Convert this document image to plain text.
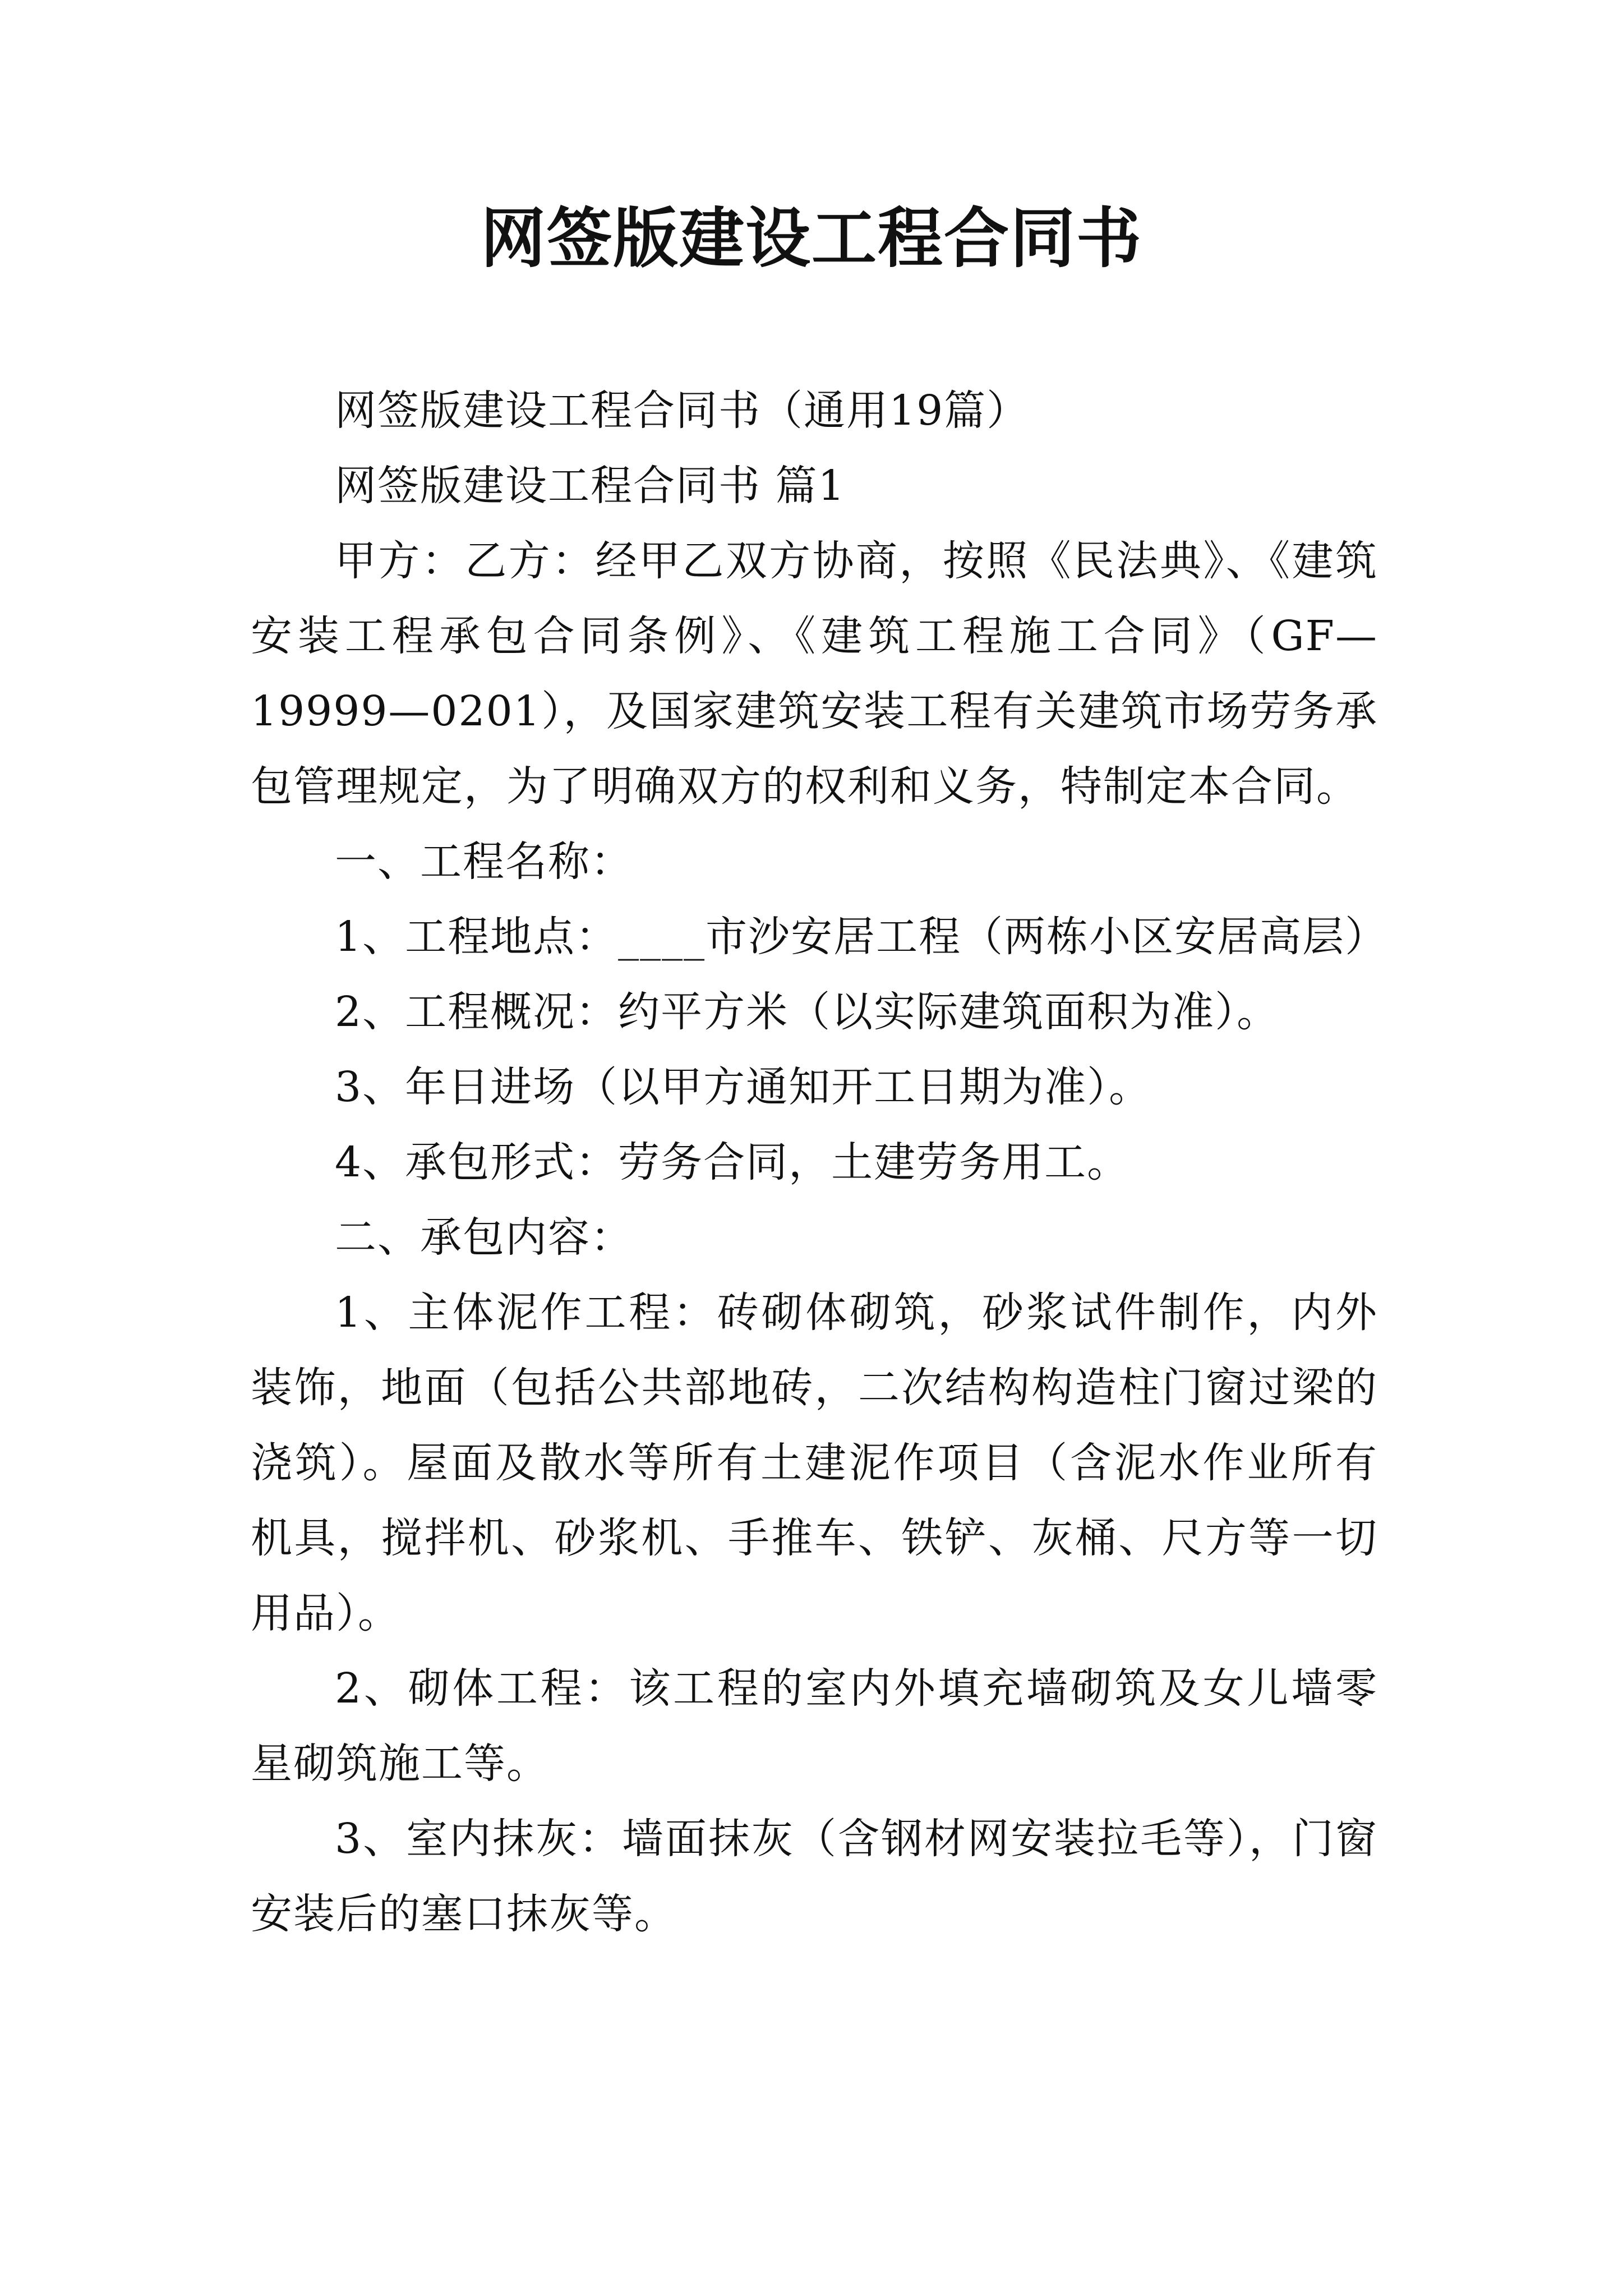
网签版建设工程合同书

网签版建设工程合同书（通用19篇）

网签版建设工程合同书 篇1

甲方：乙方：经甲乙双方协商，按照《民法典》、《建筑安装工程承包合同条例》、《建筑工程施工合同》（GF—19999—0201），及国家建筑安装工程有关建筑市场劳务承包管理规定，为了明确双方的权利和义务，特制定本合同。

一、工程名称：

1、工程地点：____市沙安居工程（两栋小区安居高层）

2、工程概况：约平方米（以实际建筑面积为准）。

3、年日进场（以甲方通知开工日期为准）。

4、承包形式：劳务合同，土建劳务用工。

二、承包内容：

1、主体泥作工程：砖砌体砌筑，砂浆试件制作，内外装饰，地面（包括公共部地砖，二次结构构造柱门窗过梁的浇筑）。屋面及散水等所有土建泥作项目（含泥水作业所有机具，搅拌机、砂浆机、手推车、铁铲、灰桶、尺方等一切用品）。

2、砌体工程：该工程的室内外填充墙砌筑及女儿墙零星砌筑施工等。

3、室内抹灰：墙面抹灰（含钢材网安装拉毛等），门窗安装后的塞口抹灰等。
